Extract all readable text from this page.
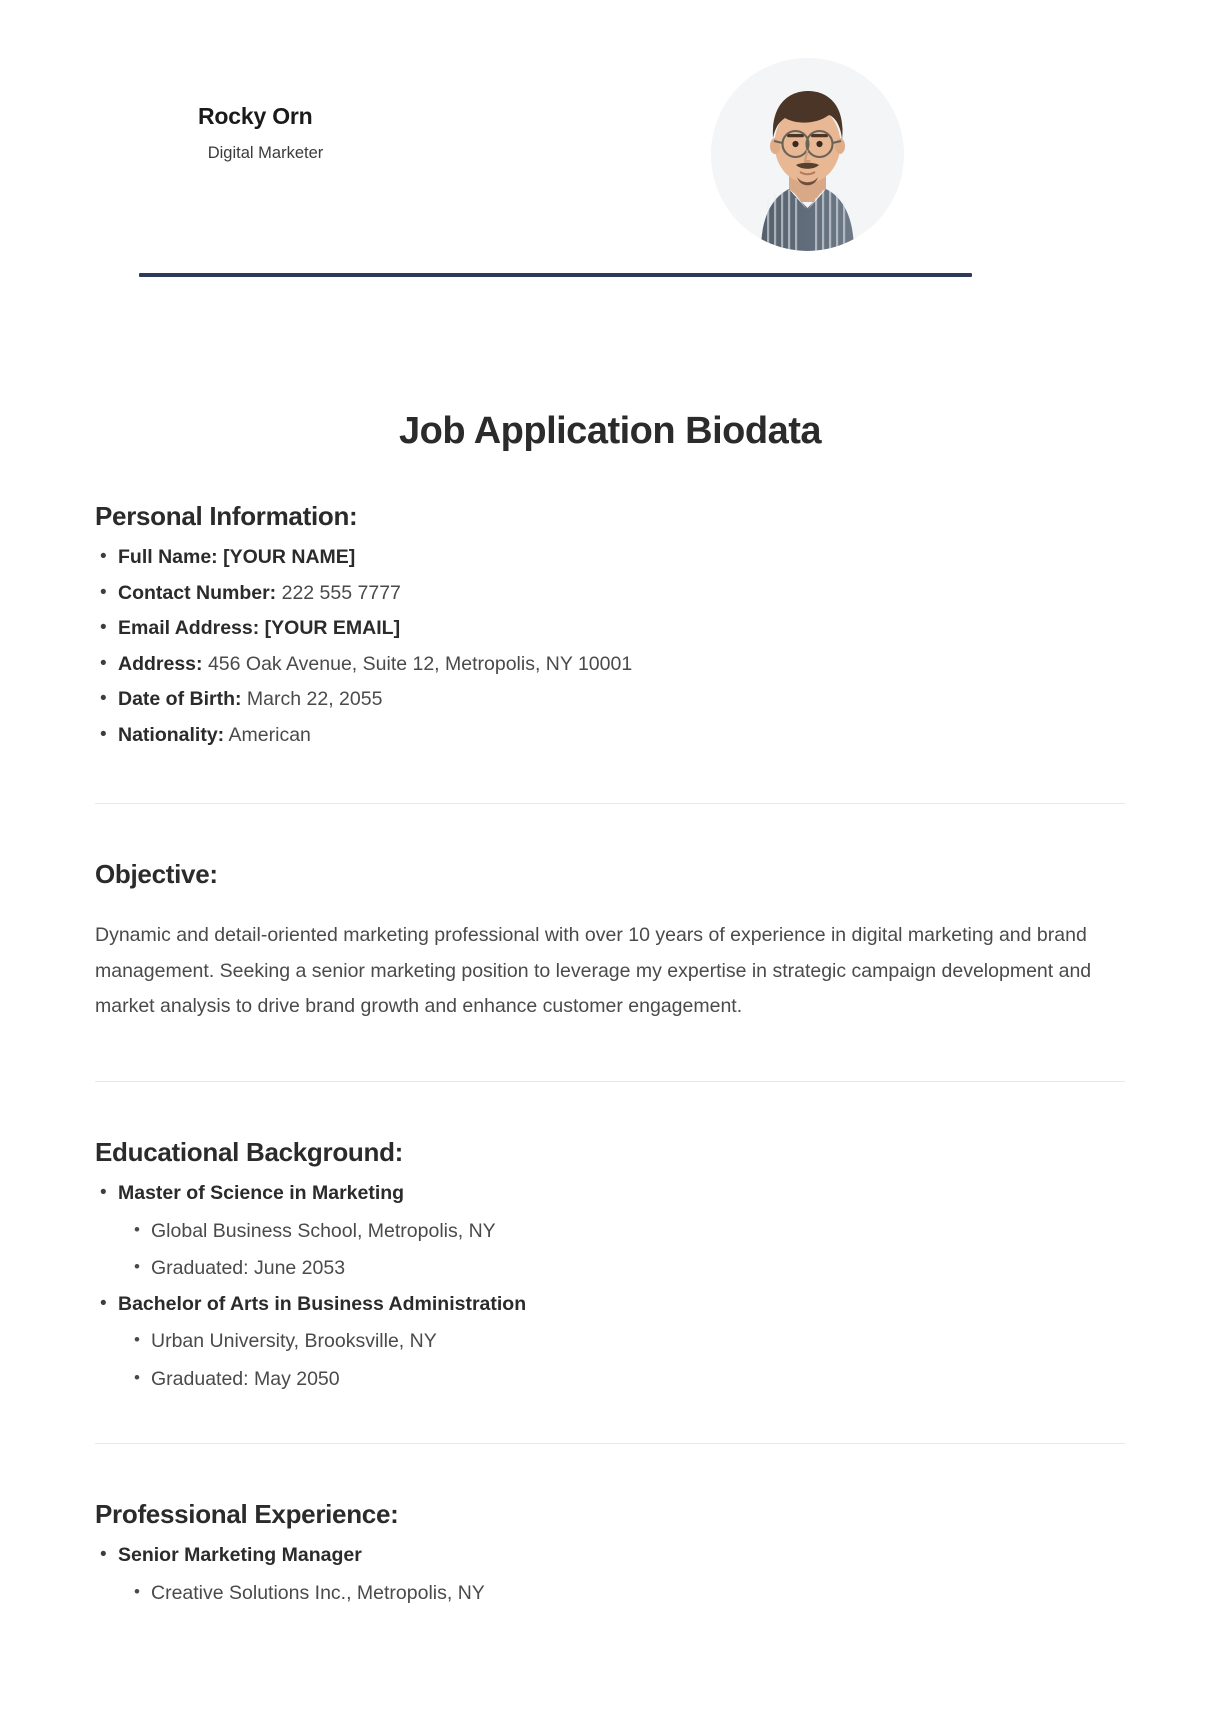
Rocky Orn
Digital Marketer
Job Application Biodata
Personal Information:
• Full Name: [YOUR NAME]
• Contact Number: 222 555 7777
• Email Address: [YOUR EMAIL]
• Address: 456 Oak Avenue, Suite 12, Metropolis, NY 10001
• Date of Birth: March 22, 2055
• Nationality: American
Objective:

Dynamic and detail-oriented marketing professional with over 10 years of experience in digital marketing and brand management. Seeking a senior marketing position to leverage my expertise in strategic campaign development and market analysis to drive brand growth and enhance customer engagement.

Educational Background:
• Master of Science in Marketing
• Global Business School, Metropolis, NY
• Graduated: June 2053
• Bachelor of Arts in Business Administration
• Urban University, Brooksville, NY
• Graduated: May 2050
Professional Experience:
• Senior Marketing Manager
• Creative Solutions Inc., Metropolis, NY
